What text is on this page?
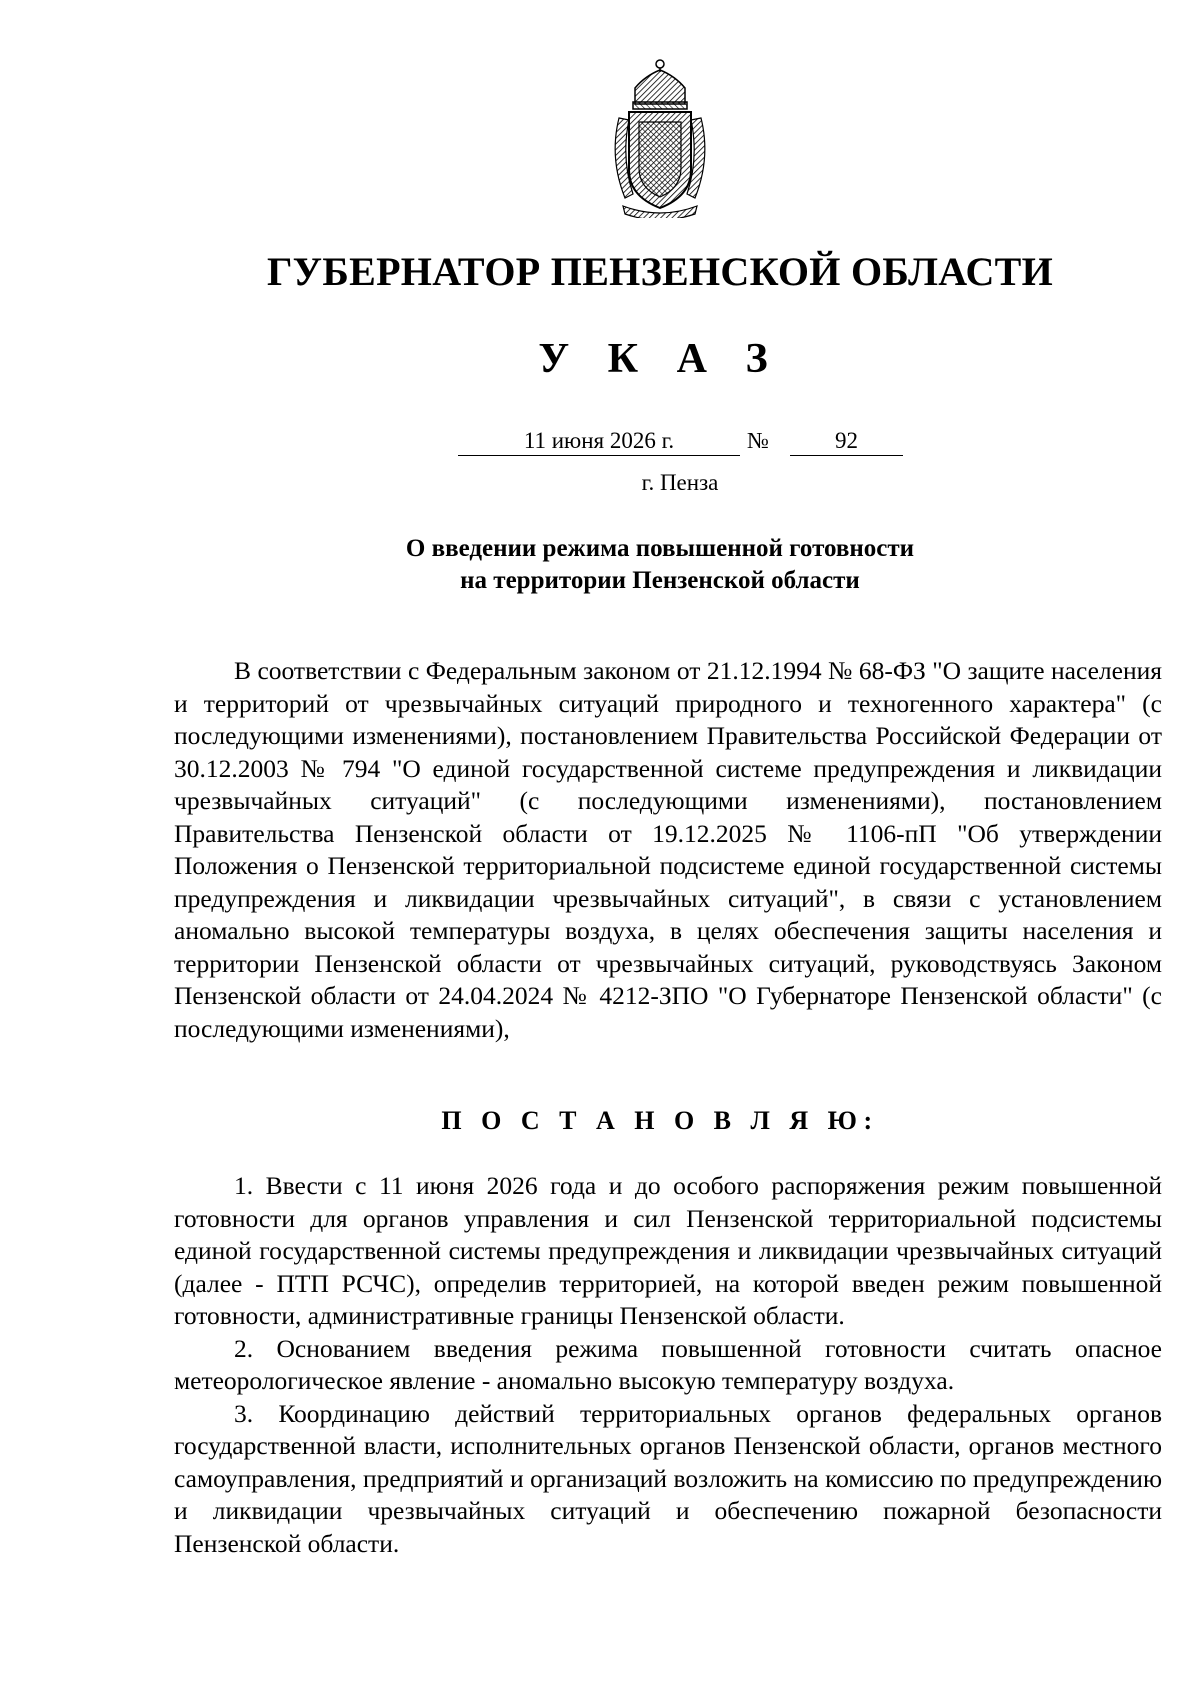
ГУБЕРНАТОР ПЕНЗЕНСКОЙ ОБЛАСТИ
У К А З
11 июня 2026 г.	№	92
г. Пенза
О введении режима повышенной готовности
на территории Пензенской области

В соответствии с Федеральным законом от 21.12.1994 № 68-ФЗ "О защите населения и территорий от чрезвычайных ситуаций природного и техногенного характера" (с последующими изменениями), постановлением Правительства Российской Федерации от 30.12.2003 № 794 "О единой государственной системе предупреждения и ликвидации чрезвычайных ситуаций" (с последующими изменениями), постановлением Правительства Пензенской области от 19.12.2025 № 1106-пП "Об утверждении Положения о Пензенской территориальной подсистеме единой государственной системы предупреждения и ликвидации чрезвычайных ситуаций", в связи с установлением аномально высокой температуры воздуха, в целях обеспечения защиты населения и территории Пензенской области от чрезвычайных ситуаций, руководствуясь Законом Пензенской области от 24.04.2024 № 4212-ЗПО "О Губернаторе Пензенской области" (с последующими изменениями),

П О С Т А Н О В Л Я Ю:

1. Ввести с 11 июня 2026 года и до особого распоряжения режим повышенной готовности для органов управления и сил Пензенской территориальной подсистемы единой государственной системы предупреждения и ликвидации чрезвычайных ситуаций (далее - ПТП РСЧС), определив территорией, на которой введен режим повышенной готовности, административные границы Пензенской области.

2. Основанием введения режима повышенной готовности считать опасное метеорологическое явление - аномально высокую температуру воздуха.

3. Координацию действий территориальных органов федеральных органов государственной власти, исполнительных органов Пензенской области, органов местного самоуправления, предприятий и организаций возложить на комиссию по предупреждению и ликвидации чрезвычайных ситуаций и обеспечению пожарной безопасности Пензенской области.
